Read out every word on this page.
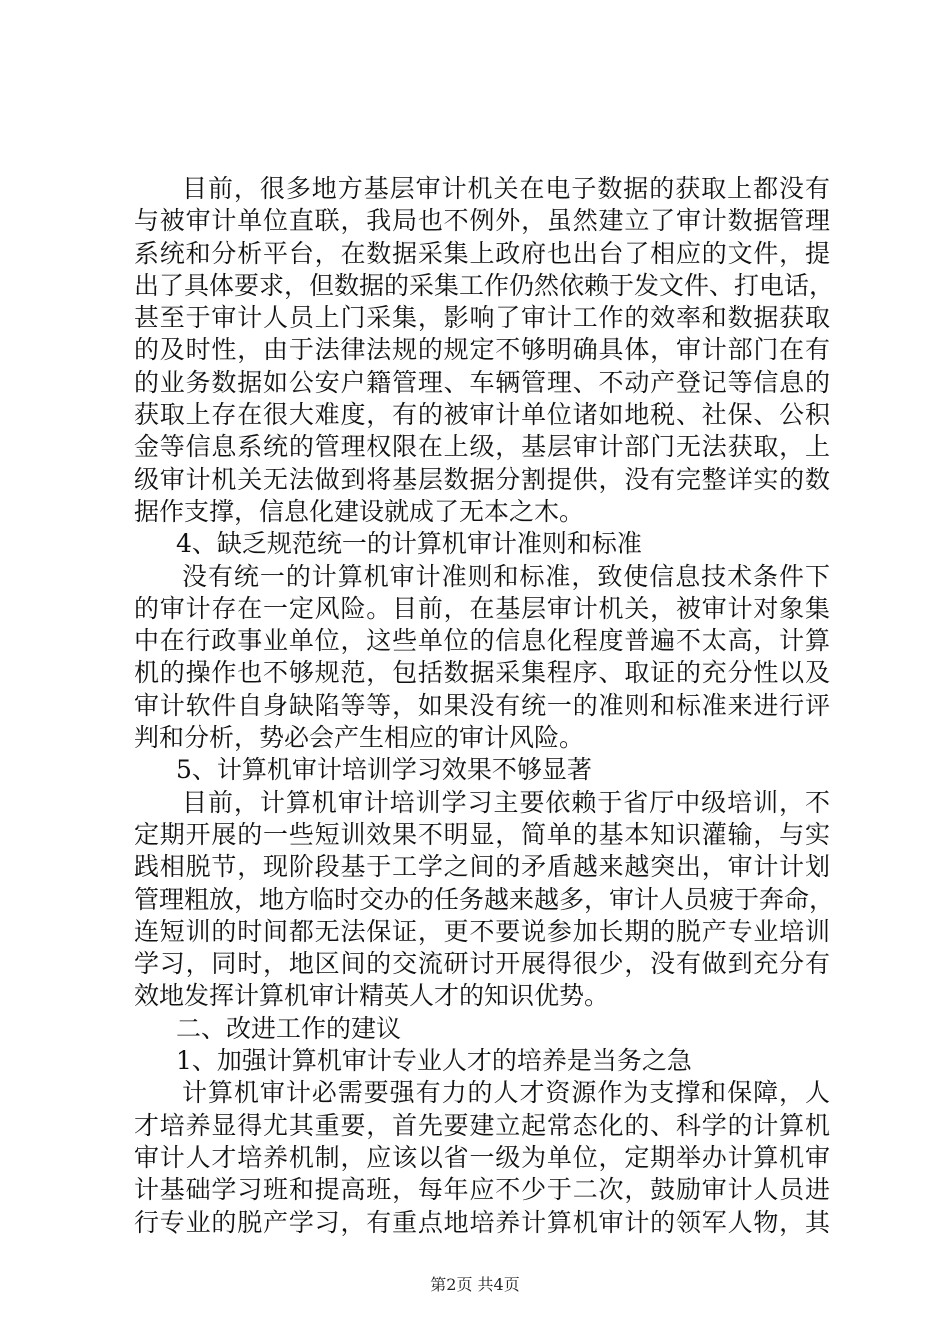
目前，很多地方基层审计机关在电子数据的获取上都没有
与被审计单位直联，我局也不例外，虽然建立了审计数据管理
系统和分析平台，在数据采集上政府也出台了相应的文件，提
出了具体要求，但数据的采集工作仍然依赖于发文件、打电话，
甚至于审计人员上门采集，影响了审计工作的效率和数据获取
的及时性，由于法律法规的规定不够明确具体，审计部门在有
的业务数据如公安户籍管理、车辆管理、不动产登记等信息的
获取上存在很大难度，有的被审计单位诸如地税、社保、公积
金等信息系统的管理权限在上级，基层审计部门无法获取，上
级审计机关无法做到将基层数据分割提供，没有完整详实的数
据作支撑，信息化建设就成了无本之木。
4、缺乏规范统一的计算机审计准则和标准
没有统一的计算机审计准则和标准，致使信息技术条件下
的审计存在一定风险。目前，在基层审计机关，被审计对象集
中在行政事业单位，这些单位的信息化程度普遍不太高，计算
机的操作也不够规范，包括数据采集程序、取证的充分性以及
审计软件自身缺陷等等，如果没有统一的准则和标准来进行评
判和分析，势必会产生相应的审计风险。
5、计算机审计培训学习效果不够显著
目前，计算机审计培训学习主要依赖于省厅中级培训，不
定期开展的一些短训效果不明显，简单的基本知识灌输，与实
践相脱节，现阶段基于工学之间的矛盾越来越突出，审计计划
管理粗放，地方临时交办的任务越来越多，审计人员疲于奔命，
连短训的时间都无法保证，更不要说参加长期的脱产专业培训
学习，同时，地区间的交流研讨开展得很少，没有做到充分有
效地发挥计算机审计精英人才的知识优势。
二、改进工作的建议
1、加强计算机审计专业人才的培养是当务之急
计算机审计必需要强有力的人才资源作为支撑和保障，人
才培养显得尤其重要，首先要建立起常态化的、科学的计算机
审计人才培养机制，应该以省一级为单位，定期举办计算机审
计基础学习班和提高班，每年应不少于二次，鼓励审计人员进
行专业的脱产学习，有重点地培养计算机审计的领军人物，其
第2页 共4页
